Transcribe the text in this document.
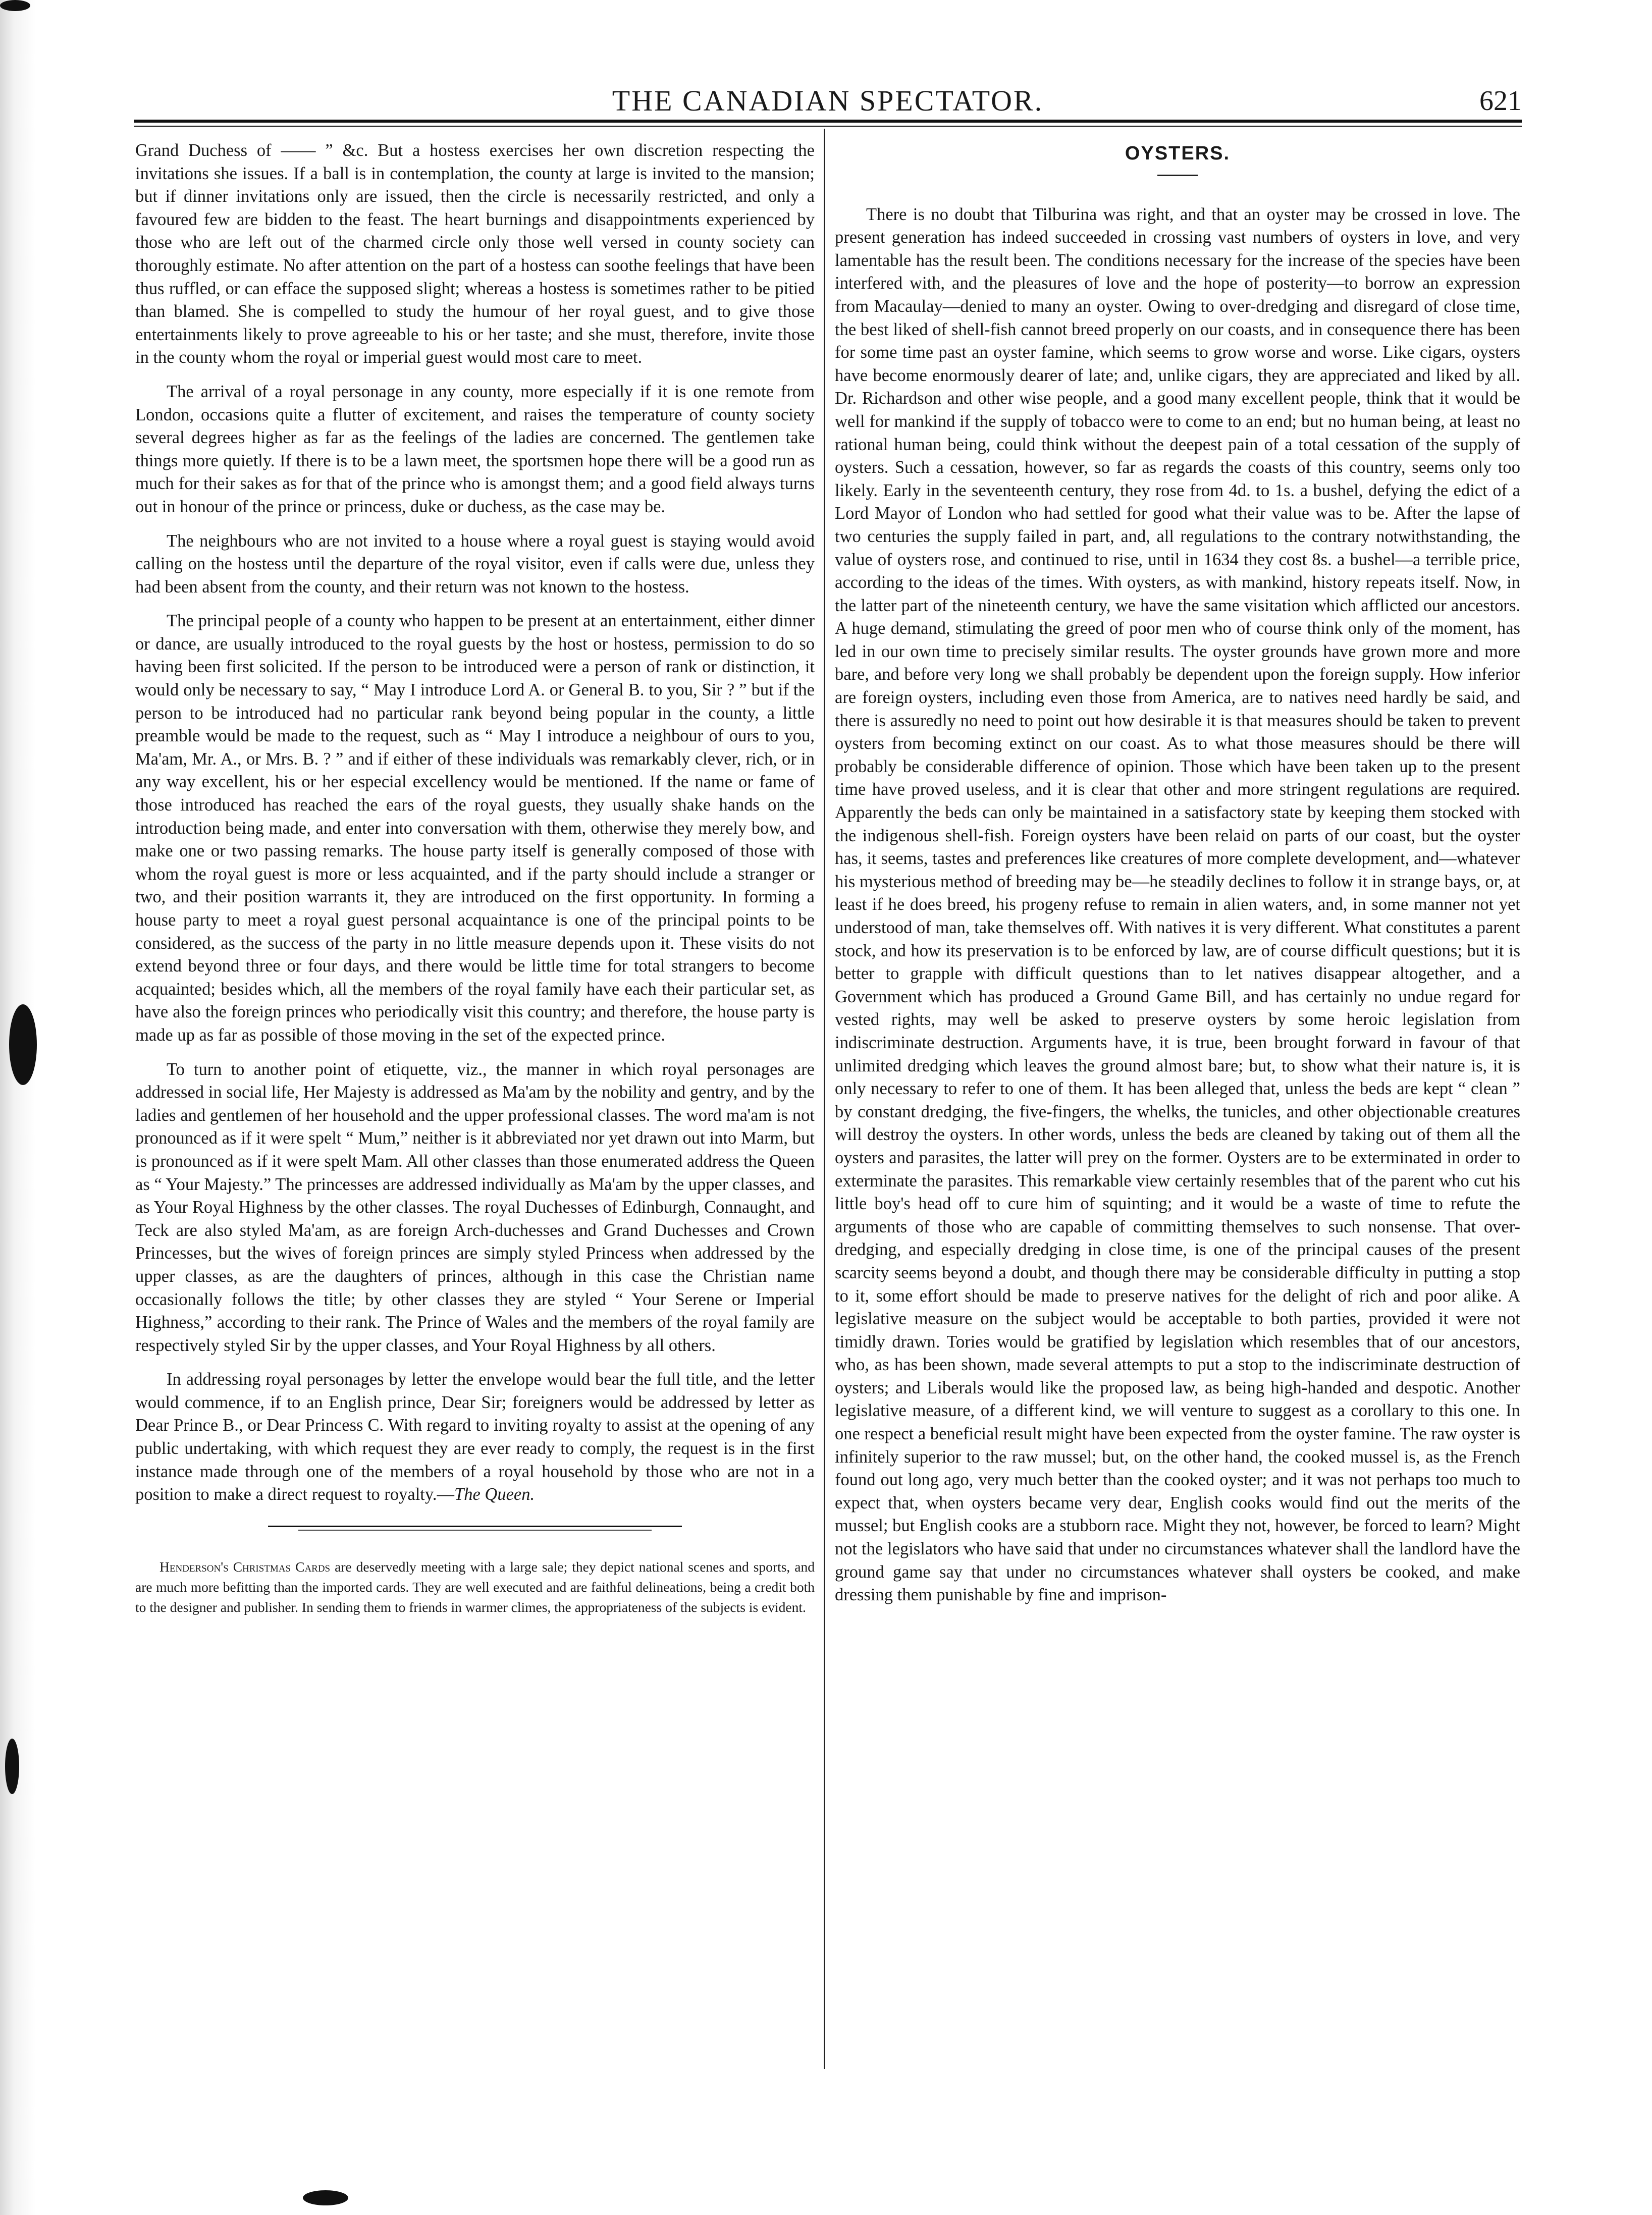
THE CANADIAN SPECTATOR.	621

Grand Duchess of —— ” &c. But a hostess exercises her own discretion respecting the invitations she issues. If a ball is in contemplation, the county at large is invited to the mansion; but if dinner invitations only are issued, then the circle is necessarily restricted, and only a favoured few are bidden to the feast. The heart burnings and disappointments experienced by those who are left out of the charmed circle only those well versed in county society can thoroughly estimate. No after attention on the part of a hostess can soothe feelings that have been thus ruffled, or can efface the supposed slight; whereas a hostess is sometimes rather to be pitied than blamed. She is compelled to study the humour of her royal guest, and to give those entertainments likely to prove agreeable to his or her taste; and she must, therefore, invite those in the county whom the royal or imperial guest would most care to meet.

The arrival of a royal personage in any county, more especially if it is one remote from London, occasions quite a flutter of excitement, and raises the temperature of county society several degrees higher as far as the feelings of the ladies are concerned. The gentlemen take things more quietly. If there is to be a lawn meet, the sportsmen hope there will be a good run as much for their sakes as for that of the prince who is amongst them; and a good field always turns out in honour of the prince or princess, duke or duchess, as the case may be.

The neighbours who are not invited to a house where a royal guest is staying would avoid calling on the hostess until the departure of the royal visitor, even if calls were due, unless they had been absent from the county, and their return was not known to the hostess.

The principal people of a county who happen to be present at an entertainment, either dinner or dance, are usually introduced to the royal guests by the host or hostess, permission to do so having been first solicited. If the person to be introduced were a person of rank or distinction, it would only be necessary to say, “ May I introduce Lord A. or General B. to you, Sir ? ” but if the person to be introduced had no particular rank beyond being popular in the county, a little preamble would be made to the request, such as “ May I introduce a neighbour of ours to you, Ma'am, Mr. A., or Mrs. B. ? ” and if either of these individuals was remarkably clever, rich, or in any way excellent, his or her especial excellency would be mentioned. If the name or fame of those introduced has reached the ears of the royal guests, they usually shake hands on the introduction being made, and enter into conversation with them, otherwise they merely bow, and make one or two passing remarks. The house party itself is generally composed of those with whom the royal guest is more or less acquainted, and if the party should include a stranger or two, and their position warrants it, they are introduced on the first opportunity. In forming a house party to meet a royal guest personal acquaintance is one of the principal points to be considered, as the success of the party in no little measure depends upon it. These visits do not extend beyond three or four days, and there would be little time for total strangers to become acquainted; besides which, all the members of the royal family have each their particular set, as have also the foreign princes who periodically visit this country; and therefore, the house party is made up as far as possible of those moving in the set of the expected prince.

To turn to another point of etiquette, viz., the manner in which royal personages are addressed in social life, Her Majesty is addressed as Ma'am by the nobility and gentry, and by the ladies and gentlemen of her household and the upper professional classes. The word ma'am is not pronounced as if it were spelt “ Mum,” neither is it abbreviated nor yet drawn out into Marm, but is pronounced as if it were spelt Mam. All other classes than those enumerated address the Queen as “ Your Majesty.” The princesses are addressed individually as Ma'am by the upper classes, and as Your Royal Highness by the other classes. The royal Duchesses of Edinburgh, Connaught, and Teck are also styled Ma'am, as are foreign Arch-duchesses and Grand Duchesses and Crown Princesses, but the wives of foreign princes are simply styled Princess when addressed by the upper classes, as are the daughters of princes, although in this case the Christian name occasionally follows the title; by other classes they are styled “ Your Serene or Imperial Highness,” according to their rank. The Prince of Wales and the members of the royal family are respectively styled Sir by the upper classes, and Your Royal Highness by all others.

In addressing royal personages by letter the envelope would bear the full title, and the letter would commence, if to an English prince, Dear Sir; foreigners would be addressed by letter as Dear Prince B., or Dear Princess C. With regard to inviting royalty to assist at the opening of any public undertaking, with which request they are ever ready to comply, the request is in the first instance made through one of the members of a royal household by those who are not in a position to make a direct request to royalty.—The Queen.

Henderson's Christmas Cards are deservedly meeting with a large sale; they depict national scenes and sports, and are much more befitting than the imported cards. They are well executed and are faithful delineations, being a credit both to the designer and publisher. In sending them to friends in warmer climes, the appropriateness of the subjects is evident.

OYSTERS.

There is no doubt that Tilburina was right, and that an oyster may be crossed in love. The present generation has indeed succeeded in crossing vast numbers of oysters in love, and very lamentable has the result been. The conditions necessary for the increase of the species have been interfered with, and the pleasures of love and the hope of posterity—to borrow an expression from Macaulay—denied to many an oyster. Owing to over-dredging and disregard of close time, the best liked of shell-fish cannot breed properly on our coasts, and in consequence there has been for some time past an oyster famine, which seems to grow worse and worse. Like cigars, oysters have become enormously dearer of late; and, unlike cigars, they are appreciated and liked by all. Dr. Richardson and other wise people, and a good many excellent people, think that it would be well for mankind if the supply of tobacco were to come to an end; but no human being, at least no rational human being, could think without the deepest pain of a total cessation of the supply of oysters. Such a cessation, however, so far as regards the coasts of this country, seems only too likely. Early in the seventeenth century, they rose from 4d. to 1s. a bushel, defying the edict of a Lord Mayor of London who had settled for good what their value was to be. After the lapse of two centuries the supply failed in part, and, all regulations to the contrary notwithstanding, the value of oysters rose, and continued to rise, until in 1634 they cost 8s. a bushel—a terrible price, according to the ideas of the times. With oysters, as with mankind, history repeats itself. Now, in the latter part of the nineteenth century, we have the same visitation which afflicted our ancestors. A huge demand, stimulating the greed of poor men who of course think only of the moment, has led in our own time to precisely similar results. The oyster grounds have grown more and more bare, and before very long we shall probably be dependent upon the foreign supply. How inferior are foreign oysters, including even those from America, are to natives need hardly be said, and there is assuredly no need to point out how desirable it is that measures should be taken to prevent oysters from becoming extinct on our coast. As to what those measures should be there will probably be considerable difference of opinion. Those which have been taken up to the present time have proved useless, and it is clear that other and more stringent regulations are required. Apparently the beds can only be maintained in a satisfactory state by keeping them stocked with the indigenous shell-fish. Foreign oysters have been relaid on parts of our coast, but the oyster has, it seems, tastes and preferences like creatures of more complete development, and—whatever his mysterious method of breeding may be—he steadily declines to follow it in strange bays, or, at least if he does breed, his progeny refuse to remain in alien waters, and, in some manner not yet understood of man, take themselves off. With natives it is very different. What constitutes a parent stock, and how its preservation is to be enforced by law, are of course difficult questions; but it is better to grapple with difficult questions than to let natives disappear altogether, and a Government which has produced a Ground Game Bill, and has certainly no undue regard for vested rights, may well be asked to preserve oysters by some heroic legislation from indiscriminate destruction. Arguments have, it is true, been brought forward in favour of that unlimited dredging which leaves the ground almost bare; but, to show what their nature is, it is only necessary to refer to one of them. It has been alleged that, unless the beds are kept “ clean ” by constant dredging, the five-fingers, the whelks, the tunicles, and other objectionable creatures will destroy the oysters. In other words, unless the beds are cleaned by taking out of them all the oysters and parasites, the latter will prey on the former. Oysters are to be exterminated in order to exterminate the parasites. This remarkable view certainly resembles that of the parent who cut his little boy's head off to cure him of squinting; and it would be a waste of time to refute the arguments of those who are capable of committing themselves to such nonsense. That over-dredging, and especially dredging in close time, is one of the principal causes of the present scarcity seems beyond a doubt, and though there may be considerable difficulty in putting a stop to it, some effort should be made to preserve natives for the delight of rich and poor alike. A legislative measure on the subject would be acceptable to both parties, provided it were not timidly drawn. Tories would be gratified by legislation which resembles that of our ancestors, who, as has been shown, made several attempts to put a stop to the indiscriminate destruction of oysters; and Liberals would like the proposed law, as being high-handed and despotic. Another legislative measure, of a different kind, we will venture to suggest as a corollary to this one. In one respect a beneficial result might have been expected from the oyster famine. The raw oyster is infinitely superior to the raw mussel; but, on the other hand, the cooked mussel is, as the French found out long ago, very much better than the cooked oyster; and it was not perhaps too much to expect that, when oysters became very dear, English cooks would find out the merits of the mussel; but English cooks are a stubborn race. Might they not, however, be forced to learn? Might not the legislators who have said that under no circumstances whatever shall the landlord have the ground game say that under no circumstances whatever shall oysters be cooked, and make dressing them punishable by fine and imprison-
